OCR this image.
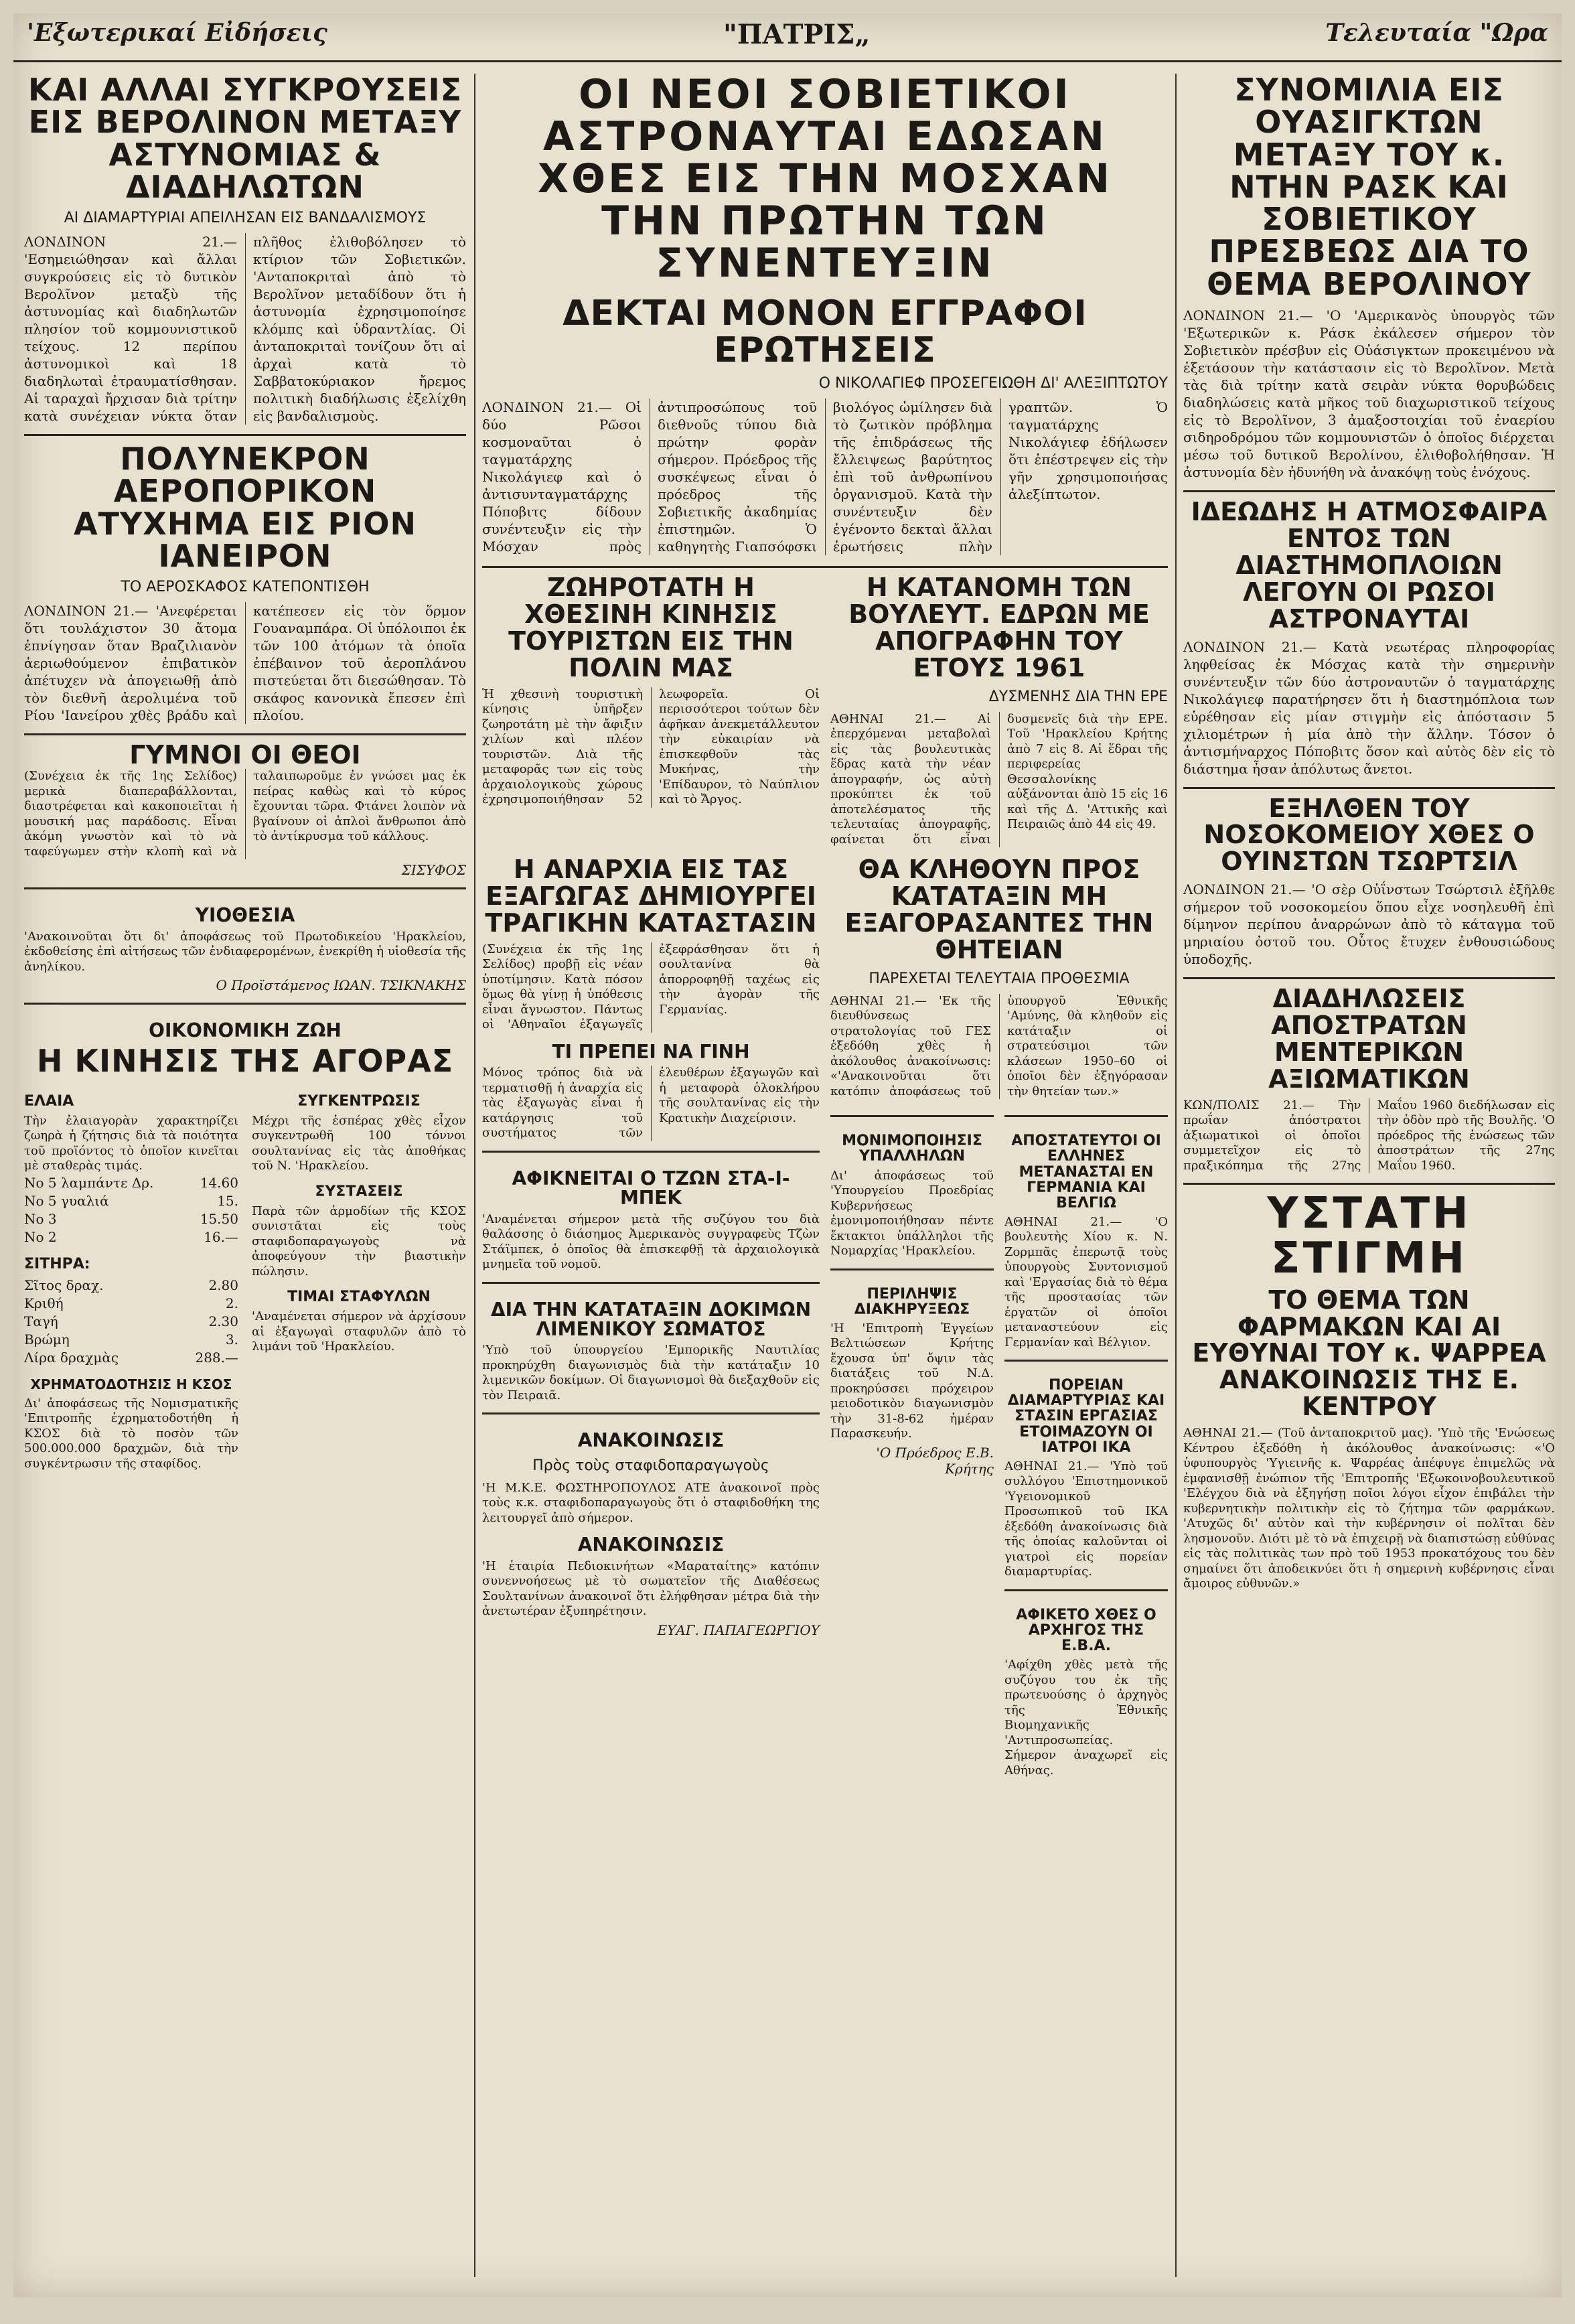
'Εξωτερικαί Εἰδήσεις	"ΠΑΤΡΙΣ„	Τελευταία "Ωρα
ΚΑΙ ΑΛΛΑΙ ΣΥΓΚΡΟΥΣΕΙΣ ΕΙΣ ΒΕΡΟΛΙΝΟΝ ΜΕΤΑΞΥ ΑΣΤΥΝΟΜΙΑΣ & ΔΙΑΔΗΛΩΤΩΝ
ΑΙ ΔΙΑΜΑΡΤΥΡΙΑΙ ΑΠΕΙΛΗΣΑΝ ΕΙΣ ΒΑΝΔΑΛΙΣΜΟΥΣ

ΛΟΝΔΙΝΟΝ 21.— 'Εσημειώθησαν καὶ ἄλλαι συγκρούσεις εἰς τὸ δυτικὸν Βερολῖνον μεταξὺ τῆς ἀστυνομίας καὶ διαδηλωτῶν πλησίον τοῦ κομμουνιστικοῦ τείχους. 12 περίπου ἀστυνομικοὶ καὶ 18 διαδηλωταὶ ἐτραυματίσθησαν. Αἱ ταραχαὶ ἤρχισαν διὰ τρίτην κατὰ συνέχειαν νύκτα ὅταν πλῆθος ἐλιθοβόλησεν τὸ κτίριον τῶν Σοβιετικῶν. 'Ανταποκριταὶ ἀπὸ τὸ Βερολῖνον μεταδίδουν ὅτι ἡ ἀστυνομία ἐχρησιμοποίησε κλόμπς καὶ ὑδραντλίας. Οἱ ἀνταποκριταὶ τονίζουν ὅτι αἱ ἀρχαὶ κατὰ τὸ Σαββατοκύριακον ἤρεμος πολιτικὴ διαδήλωσις ἐξελίχθη εἰς βανδαλισμοὺς.

ΠΟΛΥΝΕΚΡΟΝ ΑΕΡΟΠΟΡΙΚΟΝ ΑΤΥΧΗΜΑ ΕΙΣ ΡΙΟΝ ΙΑΝΕΙΡΟΝ
ΤΟ ΑΕΡΟΣΚΑΦΟΣ ΚΑΤΕΠΟΝΤΙΣΘΗ

ΛΟΝΔΙΝΟΝ 21.— 'Ανεφέρεται ὅτι τουλάχιστον 30 ἄτομα ἐπνίγησαν ὅταν Βραζιλιανὸν ἀεριωθούμενον ἐπιβατικὸν ἀπέτυχεν νὰ ἀπογειωθῇ ἀπὸ τὸν διεθνῆ ἀερολιμένα τοῦ Ρίου 'Ιανείρου χθὲς βράδυ καὶ κατέπεσεν εἰς τὸν ὅρμον Γουαναμπάρα. Οἱ ὑπόλοιποι ἐκ τῶν 100 ἀτόμων τὰ ὁποῖα ἐπέβαινον τοῦ ἀεροπλάνου πιστεύεται ὅτι διεσώθησαν. Τὸ σκάφος κανονικὰ ἔπεσεν ἐπὶ πλοίου.

ΓΥΜΝΟΙ ΟΙ ΘΕΟΙ

(Συνέχεια ἐκ τῆς 1ης Σελίδος) μερικὰ διαπεραβάλλονται, διαστρέφεται καὶ κακοποιεῖται ἡ μουσική μας παράδοσις. Εἶναι ἀκόμη γνωστὸν καὶ τὸ νὰ ταφεύγωμεν στὴν κλοπὴ καὶ νὰ ταλαιπωροῦμε ἐν γνώσει μας ἐκ πείρας καθὼς καὶ τὸ κύρος ἔχουνται τῶρα. Φτάνει λοιπὸν νὰ βγαίνουν οἱ ἁπλοὶ ἄνθρωποι ἀπὸ τὸ ἀντίκρυσμα τοῦ κάλλους.

ΣΙΣΥΦΟΣ
ΥΙΟΘΕΣΙΑ

'Ανακοινοῦται ὅτι δι' ἀποφάσεως τοῦ Πρωτοδικείου 'Ηρακλείου, ἐκδοθείσης ἐπὶ αἰτήσεως τῶν ἐνδιαφερομένων, ἐνεκρίθη ἡ υἱοθεσία τῆς ἀνηλίκου.

Ο Προϊστάμενος ΙΩΑΝ. ΤΣΙΚΝΑΚΗΣ
ΟΙΚΟΝΟΜΙΚΗ ΖΩΗ
Η ΚΙΝΗΣΙΣ ΤΗΣ ΑΓΟΡΑΣ
ΕΛΑΙΑ

Τὴν ἐλαιαγορὰν χαρακτηρίζει ζωηρὰ ἡ ζήτησις διὰ τὰ ποιότητα τοῦ προϊόντος τὸ ὁποῖον κινεῖται μὲ σταθερὰς τιμάς.

Νο 5 λαμπάντε Δρ.	14.60
Νο 5 γυαλιά	15.
Νο 3	15.50
Νο 2	16.—
ΣΙΤΗΡΑ:
Σῖτος δραχ.	2.80
Κριθή	2.
Ταγή	2.30
Βρώμη	3.
Λίρα δραχμὰς	288.—
ΧΡΗΜΑΤΟΔΟΤΗΣΙΣ Η ΚΣΟΣ

Δι' ἀποφάσεως τῆς Νομισματικῆς 'Επιτροπῆς ἐχρηματοδοτήθη ἡ ΚΣΟΣ διὰ τὸ ποσὸν τῶν 500.000.000 δραχμῶν, διὰ τὴν συγκέντρωσιν τῆς σταφίδος.

ΣΥΓΚΕΝΤΡΩΣΙΣ

Μέχρι τῆς ἑσπέρας χθὲς εἶχον συγκεντρωθῆ 100 τόννοι σουλτανίνας εἰς τὰς ἀποθήκας τοῦ Ν. 'Ηρακλείου.

ΣΥΣΤΑΣΕΙΣ

Παρὰ τῶν ἁρμοδίων τῆς ΚΣΟΣ συνιστᾶται εἰς τοὺς σταφιδοπαραγωγοὺς νὰ ἀποφεύγουν τὴν βιαστικὴν πώλησιν.

ΤΙΜΑΙ ΣΤΑΦΥΛΩΝ

'Αναμένεται σήμερον νὰ ἀρχίσουν αἱ ἐξαγωγαὶ σταφυλῶν ἀπὸ τὸ λιμάνι τοῦ 'Ηρακλείου.

ΟΙ ΝΕΟΙ ΣΟΒΙΕΤΙΚΟΙ ΑΣΤΡΟΝΑΥΤΑΙ ΕΔΩΣΑΝ ΧΘΕΣ ΕΙΣ ΤΗΝ ΜΟΣΧΑΝ ΤΗΝ ΠΡΩΤΗΝ ΤΩΝ ΣΥΝΕΝΤΕΥΞΙΝ
ΔΕΚΤΑΙ ΜΟΝΟΝ ΕΓΓΡΑΦΟΙ ΕΡΩΤΗΣΕΙΣ
Ο ΝΙΚΟΛΑΓΙΕΦ ΠΡΟΣΕΓΕΙΩΘΗ ΔΙ' ΑΛΕΞΙΠΤΩΤΟΥ

ΛΟΝΔΙΝΟΝ 21.— Οἱ δύο Ρῶσοι κοσμοναῦται ὁ ταγματάρχης Νικολάγιεφ καὶ ὁ ἀντισυνταγματάρχης Πόποβιτς δίδουν συνέντευξιν εἰς τὴν Μόσχαν πρὸς ἀντιπροσώπους τοῦ διεθνοῦς τύπου διὰ πρώτην φορὰν σήμερον. Πρόεδρος τῆς συσκέψεως εἶναι ὁ πρόεδρος τῆς Σοβιετικῆς ἀκαδημίας ἐπιστημῶν. Ὁ καθηγητὴς Γιαπσόφσκι βιολόγος ὡμίλησεν διὰ τὸ ζωτικὸν πρόβλημα τῆς ἐπιδράσεως τῆς ἔλλειψεως βαρύτητος ἐπὶ τοῦ ἀνθρωπίνου ὀργανισμοῦ. Κατὰ τὴν συνέντευξιν δὲν ἐγένοντο δεκταὶ ἄλλαι ἐρωτήσεις πλὴν γραπτῶν. Ὁ ταγματάρχης Νικολάγιεφ ἐδήλωσεν ὅτι ἐπέστρεψεν εἰς τὴν γῆν χρησιμοποιήσας ἀλεξίπτωτον.

ΖΩΗΡΟΤΑΤΗ Η ΧΘΕΣΙΝΗ ΚΙΝΗΣΙΣ ΤΟΥΡΙΣΤΩΝ ΕΙΣ ΤΗΝ ΠΟΛΙΝ ΜΑΣ

Ἡ χθεσινὴ τουριστικὴ κίνησις ὑπῆρξεν ζωηροτάτη μὲ τὴν ἄφιξιν χιλίων καὶ πλέον τουριστῶν. Διὰ τῆς μεταφορᾶς των εἰς τοὺς ἀρχαιολογικοὺς χώρους ἐχρησιμοποιήθησαν 52 λεωφορεῖα. Οἱ περισσότεροι τούτων δὲν ἀφῆκαν ἀνεκμετάλλευτον τὴν εὐκαιρίαν νὰ ἐπισκεφθοῦν τὰς Μυκήνας, τὴν 'Επίδαυρον, τὸ Ναύπλιον καὶ τὸ Ἄργος.

Η ΚΑΤΑΝΟΜΗ ΤΩΝ ΒΟΥΛΕΥΤ. ΕΔΡΩΝ ΜΕ ΑΠΟΓΡΑΦΗΝ ΤΟΥ ΕΤΟΥΣ 1961
ΔΥΣΜΕΝΗΣ ΔΙΑ ΤΗΝ ΕΡΕ

ΑΘΗΝΑΙ 21.— Αἱ ἐπερχόμεναι μεταβολαὶ εἰς τὰς βουλευτικὰς ἕδρας κατὰ τὴν νέαν ἀπογραφήν, ὡς αὐτὴ προκύπτει ἐκ τοῦ ἀποτελέσματος τῆς τελευταίας ἀπογραφῆς, φαίνεται ὅτι εἶναι δυσμενεῖς διὰ τὴν ΕΡΕ. Τοῦ 'Ηρακλείου Κρήτης ἀπὸ 7 εἰς 8. Αἱ ἕδραι τῆς περιφερείας Θεσσαλονίκης αὐξάνονται ἀπὸ 15 εἰς 16 καὶ τῆς Δ. 'Αττικῆς καὶ Πειραιῶς ἀπὸ 44 εἰς 49.

Η ΑΝΑΡΧΙΑ ΕΙΣ ΤΑΣ ΕΞΑΓΩΓΑΣ ΔΗΜΙΟΥΡΓΕΙ ΤΡΑΓΙΚΗΝ ΚΑΤΑΣΤΑΣΙΝ

(Συνέχεια ἐκ τῆς 1ης Σελίδος) προβῇ εἰς νέαν ὑποτίμησιν. Κατὰ πόσον ὅμως θὰ γίνῃ ἡ ὑπόθεσις εἶναι ἄγνωστον. Πάντως οἱ 'Αθηναῖοι ἐξαγωγεῖς ἐξεφράσθησαν ὅτι ἡ σουλτανίνα θὰ ἀπορροφηθῇ ταχέως εἰς τὴν ἀγορὰν τῆς Γερμανίας.

ΤΙ ΠΡΕΠΕΙ ΝΑ ΓΙΝΗ

Μόνος τρόπος διὰ νὰ τερματισθῇ ἡ ἀναρχία εἰς τὰς ἐξαγωγὰς εἶναι ἡ κατάργησις τοῦ συστήματος τῶν ἐλευθέρων ἐξαγωγῶν καὶ ἡ μεταφορὰ ὁλοκλήρου τῆς σουλτανίνας εἰς τὴν Κρατικὴν Διαχείρισιν.

ΑΦΙΚΝΕΙΤΑΙ Ο ΤΖΩΝ ΣΤΑ-Ι-ΜΠΕΚ

'Αναμένεται σήμερον μετὰ τῆς συζύγου του διὰ θαλάσσης ὁ διάσημος Ἀμερικανὸς συγγραφεὺς Τζὼν Στάϊμπεκ, ὁ ὁποῖος θὰ ἐπισκεφθῇ τὰ ἀρχαιολογικὰ μνημεῖα τοῦ νομοῦ.

ΔΙΑ ΤΗΝ ΚΑΤΑΤΑΞΙΝ ΔΟΚΙΜΩΝ ΛΙΜΕΝΙΚΟΥ ΣΩΜΑΤΟΣ

'Υπὸ τοῦ ὑπουργείου 'Εμπορικῆς Ναυτιλίας προκηρύχθη διαγωνισμὸς διὰ τὴν κατάταξιν 10 λιμενικῶν δοκίμων. Οἱ διαγωνισμοὶ θὰ διεξαχθοῦν εἰς τὸν Πειραιᾶ.

ΑΝΑΚΟΙΝΩΣΙΣ
Πρὸς τοὺς σταφιδοπαραγωγοὺς

'Η Μ.Κ.Ε. ΦΩΣΤΗΡΟΠΟΥΛΟΣ ΑΤΕ ἀνακοινοῖ πρὸς τοὺς κ.κ. σταφιδοπαραγωγοὺς ὅτι ὁ σταφιδοθήκη της λειτουργεῖ ἀπὸ σήμερον.

ΑΝΑΚΟΙΝΩΣΙΣ

'Η ἑταιρία Πεδιοκινήτων «Μαραταίτης» κατόπιν συνεννοήσεως μὲ τὸ σωματεῖον τῆς Διαθέσεως Σουλτανίνων ἀνακοινοῖ ὅτι ἐλήφθησαν μέτρα διὰ τὴν ἀνετωτέραν ἐξυπηρέτησιν.

ΕΥΑΓ. ΠΑΠΑΓΕΩΡΓΙΟΥ
ΘΑ ΚΛΗΘΟΥΝ ΠΡΟΣ ΚΑΤΑΤΑΞΙΝ ΜΗ ΕΞΑΓΟΡΑΣΑΝΤΕΣ ΤΗΝ ΘΗΤΕΙΑΝ
ΠΑΡΕΧΕΤΑΙ ΤΕΛΕΥΤΑΙΑ ΠΡΟΘΕΣΜΙΑ

ΑΘΗΝΑΙ 21.— 'Εκ τῆς διευθύνσεως στρατολογίας τοῦ ΓΕΣ ἐξεδόθη χθὲς ἡ ἀκόλουθος ἀνακοίνωσις: «'Ανακοινοῦται ὅτι κατόπιν ἀποφάσεως τοῦ ὑπουργοῦ Ἐθνικῆς 'Αμύνης, θὰ κληθοῦν εἰς κατάταξιν οἱ στρατεύσιμοι τῶν κλάσεων 1950–60 οἱ ὁποῖοι δὲν ἐξηγόρασαν τὴν θητείαν των.»

ΜΟΝΙΜΟΠΟΙΗΣΙΣ ΥΠΑΛΛΗΛΩΝ

Δι' ἀποφάσεως τοῦ 'Υπουργείου Προεδρίας Κυβερνήσεως ἐμονιμοποιήθησαν πέντε ἔκτακτοι ὑπάλληλοι τῆς Νομαρχίας 'Ηρακλείου.

ΠΕΡΙΛΗΨΙΣ ΔΙΑΚΗΡΥΞΕΩΣ

'Η 'Επιτροπὴ Ἐγγείων Βελτιώσεων Κρήτης ἔχουσα ὑπ' ὄψιν τὰς διατάξεις τοῦ Ν.Δ. προκηρύσσει πρόχειρον μειοδοτικὸν διαγωνισμὸν τὴν 31-8-62 ἡμέραν Παρασκευήν.

'Ο Πρόεδρος Ε.Β. Κρήτης
ΑΠΟΣΤΑΤΕΥΤΟΙ ΟΙ ΕΛΛΗΝΕΣ ΜΕΤΑΝΑΣΤΑΙ ΕΝ ΓΕΡΜΑΝΙΑ ΚΑΙ ΒΕΛΓΙΩ

ΑΘΗΝΑΙ 21.— 'Ο βουλευτὴς Χίου κ. Ν. Ζορμπᾶς ἐπερωτᾷ τοὺς ὑπουργοὺς Συντονισμοῦ καὶ 'Εργασίας διὰ τὸ θέμα τῆς προστασίας τῶν ἐργατῶν οἱ ὁποῖοι μεταναστεύουν εἰς Γερμανίαν καὶ Βέλγιον.

ΠΟΡΕΙΑΝ ΔΙΑΜΑΡΤΥΡΙΑΣ ΚΑΙ ΣΤΑΣΙΝ ΕΡΓΑΣΙΑΣ ΕΤΟΙΜΑΖΟΥΝ ΟΙ ΙΑΤΡΟΙ ΙΚΑ

ΑΘΗΝΑΙ 21.— 'Υπὸ τοῦ συλλόγου 'Επιστημονικοῦ 'Υγειονομικοῦ Προσωπικοῦ τοῦ ΙΚΑ ἐξεδόθη ἀνακοίνωσις διὰ τῆς ὁποίας καλοῦνται οἱ γιατροὶ εἰς πορείαν διαμαρτυρίας.

ΑΦΙΚΕΤΟ ΧΘΕΣ Ο ΑΡΧΗΓΟΣ ΤΗΣ Ε.Β.Α.

'Αφίχθη χθὲς μετὰ τῆς συζύγου του ἐκ τῆς πρωτευούσης ὁ ἀρχηγὸς τῆς Ἐθνικῆς Βιομηχανικῆς 'Αντιπροσωπείας. Σήμερον ἀναχωρεῖ εἰς Αθήνας.

ΣΥΝΟΜΙΛΙΑ ΕΙΣ ΟΥΑΣΙΓΚΤΩΝ ΜΕΤΑΞΥ ΤΟΥ κ. ΝΤΗΝ ΡΑΣΚ ΚΑΙ ΣΟΒΙΕΤΙΚΟΥ ΠΡΕΣΒΕΩΣ ΔΙΑ ΤΟ ΘΕΜΑ ΒΕΡΟΛΙΝΟΥ

ΛΟΝΔΙΝΟΝ 21.— 'Ο 'Αμερικανὸς ὑπουργὸς τῶν 'Εξωτερικῶν κ. Ράσκ ἐκάλεσεν σήμερον τὸν Σοβιετικὸν πρέσβυν εἰς Οὐάσιγκτων προκειμένου νὰ ἐξετάσουν τὴν κατάστασιν εἰς τὸ Βερολῖνον. Μετὰ τὰς διὰ τρίτην κατὰ σειρὰν νύκτα θορυβώδεις διαδηλώσεις κατὰ μῆκος τοῦ διαχωριστικοῦ τείχους εἰς τὸ Βερολῖνον, 3 ἀμαξοστοιχίαι τοῦ ἐναερίου σιδηροδρόμου τῶν κομμουνιστῶν ὁ ὁποῖος διέρχεται μέσω τοῦ δυτικοῦ Βερολίνου, ἐλιθοβολήθησαν. Ἡ ἀστυνομία δὲν ἠδυνήθη νὰ ἀνακόψῃ τοὺς ἐνόχους.

ΙΔΕΩΔΗΣ Η ΑΤΜΟΣΦΑΙΡΑ ΕΝΤΟΣ ΤΩΝ ΔΙΑΣΤΗΜΟΠΛΟΙΩΝ ΛΕΓΟΥΝ ΟΙ ΡΩΣΟΙ ΑΣΤΡΟΝΑΥΤΑΙ

ΛΟΝΔΙΝΟΝ 21.— Κατὰ νεωτέρας πληροφορίας ληφθείσας ἐκ Μόσχας κατὰ τὴν σημερινὴν συνέντευξιν τῶν δύο ἀστροναυτῶν ὁ ταγματάρχης Νικολάγιεφ παρατήρησεν ὅτι ἡ διαστημόπλοια των εὑρέθησαν εἰς μίαν στιγμὴν εἰς ἀπόστασιν 5 χιλιομέτρων ἡ μία ἀπὸ τὴν ἄλλην. Τόσον ὁ ἀντισμήναρχος Πόποβιτς ὅσον καὶ αὐτὸς δὲν εἰς τὸ διάστημα ἦσαν ἀπόλυτως ἄνετοι.

ΕΞΗΛΘΕΝ ΤΟΥ ΝΟΣΟΚΟΜΕΙΟΥ ΧΘΕΣ Ο ΟΥΙΝΣΤΩΝ ΤΣΩΡΤΣΙΛ

ΛΟΝΔΙΝΟΝ 21.— 'Ο σὲρ Οὐΐνστων Τσώρτσιλ ἐξῆλθε σήμερον τοῦ νοσοκομείου ὅπου εἶχε νοσηλευθῆ ἐπὶ δίμηνον περίπου ἀναρρώνων ἀπὸ τὸ κάταγμα τοῦ μηριαίου ὀστοῦ του. Οὗτος ἔτυχεν ἐνθουσιώδους ὑποδοχῆς.

ΔΙΑΔΗΛΩΣΕΙΣ ΑΠΟΣΤΡΑΤΩΝ ΜΕΝΤΕΡΙΚΩΝ ΑΞΙΩΜΑΤΙΚΩΝ

ΚΩΝ/ΠΟΛΙΣ 21.— Τὴν πρωΐαν ἀπόστρατοι ἀξιωματικοὶ οἱ ὁποῖοι συμμετεῖχον εἰς τὸ πραξικόπημα τῆς 27ης Μαΐου 1960 διεδήλωσαν εἰς τὴν ὁδὸν πρὸ τῆς Βουλῆς. 'Ο πρόεδρος τῆς ἐνώσεως τῶν ἀποστράτων τῆς 27ης Μαΐου 1960.

ΥΣΤΑΤΗ ΣΤΙΓΜΗ
ΤΟ ΘΕΜΑ ΤΩΝ ΦΑΡΜΑΚΩΝ ΚΑΙ ΑΙ ΕΥΘΥΝΑΙ ΤΟΥ κ. ΨΑΡΡΕΑ ΑΝΑΚΟΙΝΩΣΙΣ ΤΗΣ Ε. ΚΕΝΤΡΟΥ

ΑΘΗΝΑΙ 21.— (Τοῦ ἀνταποκριτοῦ μας). 'Υπὸ τῆς 'Ενώσεως Κέντρου ἐξεδόθη ἡ ἀκόλουθος ἀνακοίνωσις: «'Ο ὑφυπουργὸς 'Υγιεινῆς κ. Ψαρρέας ἀπέφυγε ἐπιμελῶς νὰ ἐμφανισθῇ ἐνώπιον τῆς 'Επιτροπῆς 'Εξωκοινοβουλευτικοῦ 'Ελέγχου διὰ νὰ ἐξηγήσῃ ποῖοι λόγοι εἶχον ἐπιβάλει τὴν κυβερνητικὴν πολιτικὴν εἰς τὸ ζήτημα τῶν φαρμάκων. 'Ατυχῶς δι' αὐτὸν καὶ τὴν κυβέρνησιν οἱ πολῖται δὲν λησμονοῦν. Διότι μὲ τὸ νὰ ἐπιχειρῇ νὰ διαπιστώσῃ εὐθύνας εἰς τὰς πολιτικὰς των πρὸ τοῦ 1953 προκατόχους του δὲν σημαίνει ὅτι ἀποδεικνύει ὅτι ἡ σημερινὴ κυβέρνησις εἶναι ἄμοιρος εὐθυνῶν.»
